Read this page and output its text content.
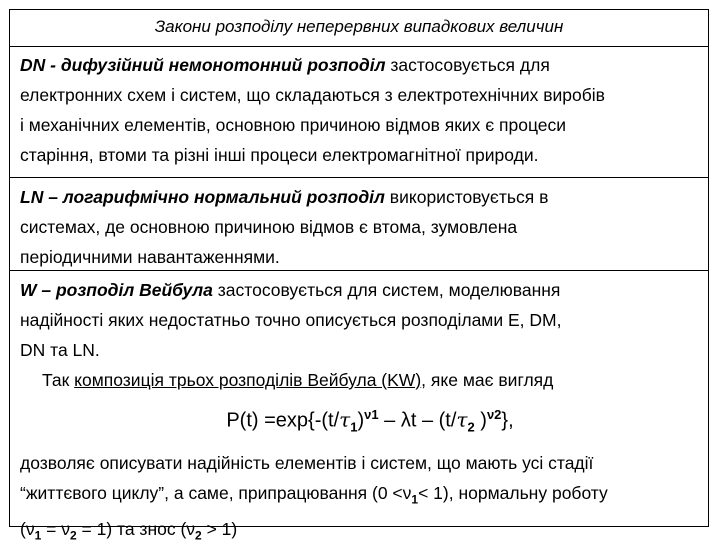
Закони розподілу неперервних випадкових величин
DN - дифузійний немонотонний розподіл застосовується для
електронних схем і систем, що складаються з електротехнічних виробів
і механічних елементів, основною причиною відмов яких є процеси
старіння, втоми та різні інші процеси електромагнітної природи.
LN – логарифмічно нормальний розподіл використовується в
системах, де основною причиною відмов є втома, зумовлена
періодичними навантаженнями.
W – розподіл Вейбула застосовується для систем, моделювання
надійності яких недостатньо точно описується розподілами E, DM,
DN та LN.
Так композиція трьох розподілів Вейбула (KW), яке має вигляд
$P(t) =\exp\{-(t/\tau_1)^{\nu 1} - \lambda t - (t/\tau_2$ )$^{\nu 2}$},
дозволяє описувати надійність елементів і систем, що мають усі стадії
“життєвого циклу”, а саме, припрацювання $(0 <\nu_1< 1)$, нормальну роботу
$(\nu_1 = \nu_2 = 1)$ та знос $(\nu_2 > 1)$
